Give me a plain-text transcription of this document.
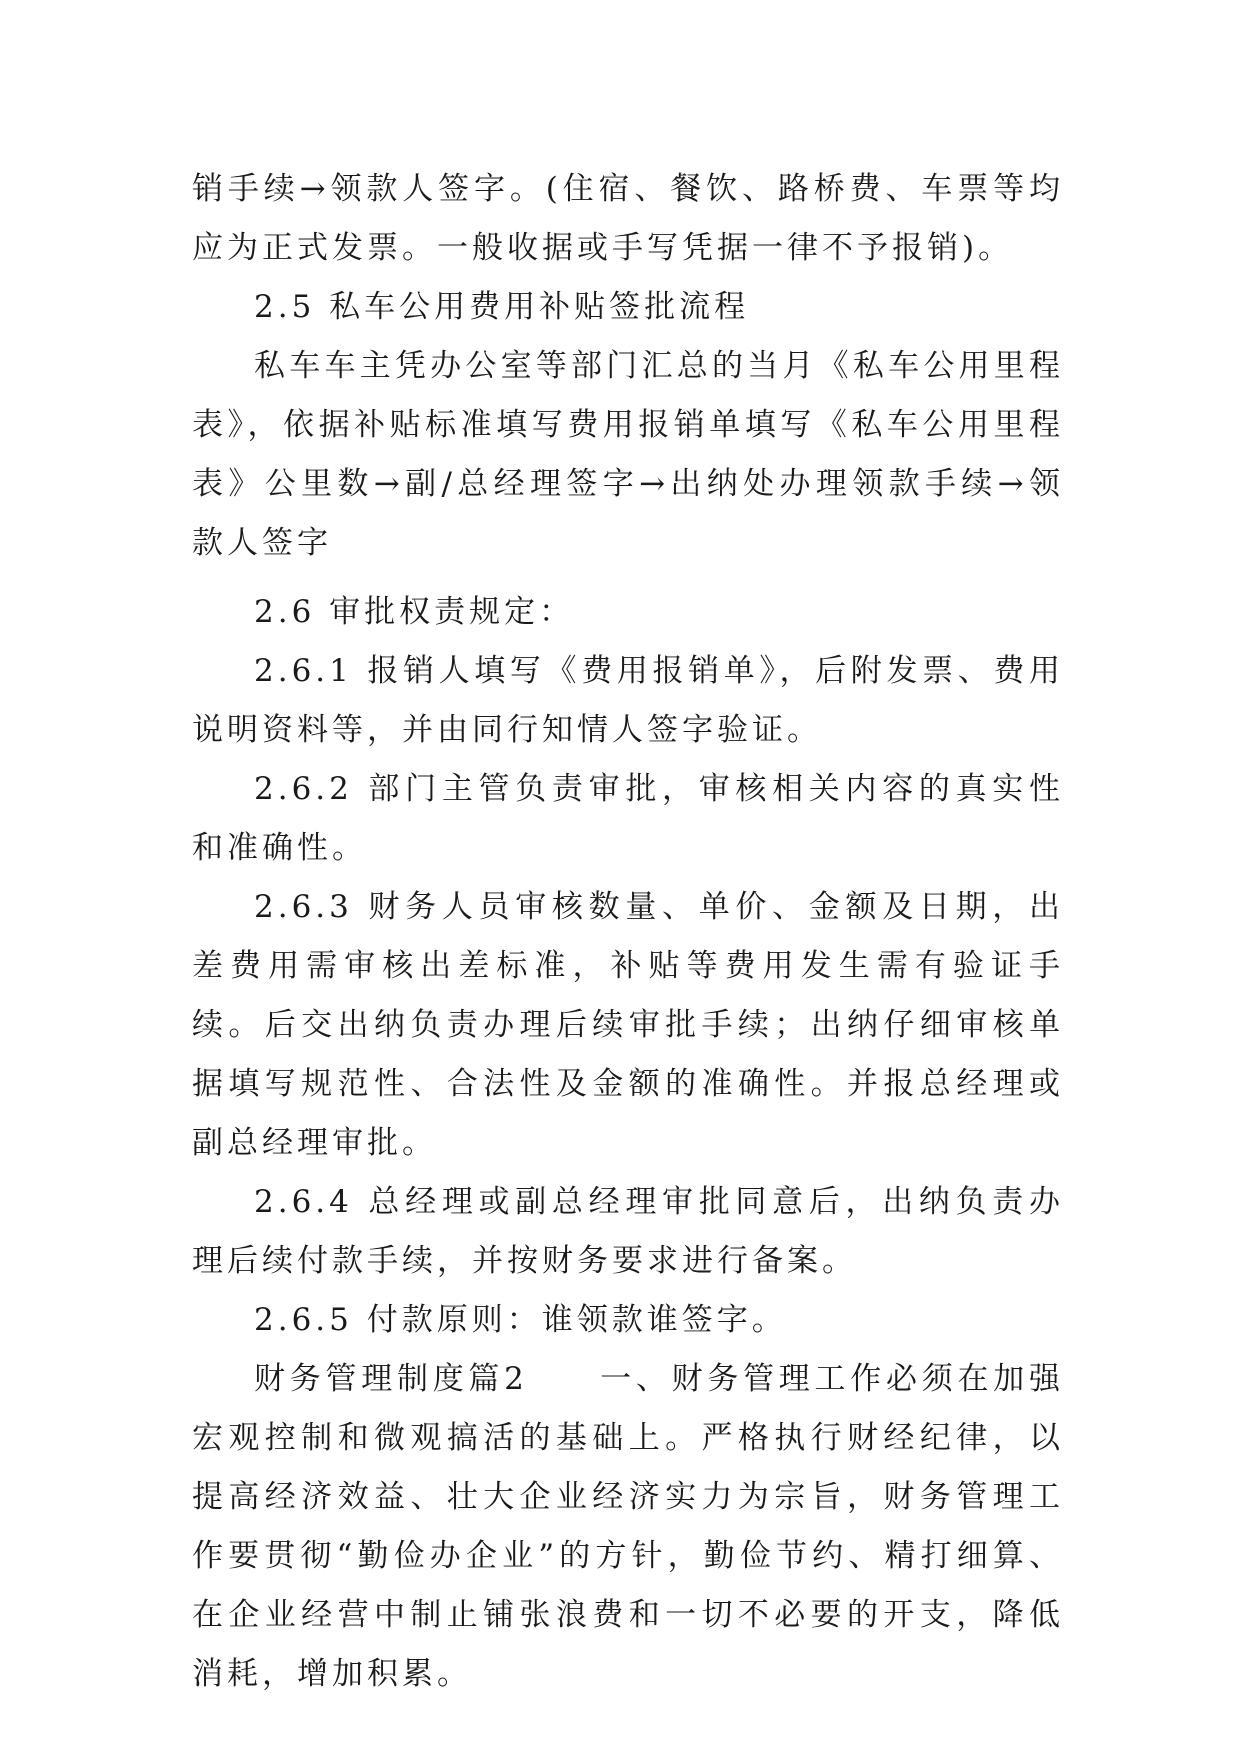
销手续→领款人签字。(住宿、餐饮、路桥费、车票等均应为正式发票。一般收据或手写凭据一律不予报销)。

2.5 私车公用费用补贴签批流程

私车车主凭办公室等部门汇总的当月《私车公用里程表》，依据补贴标准填写费用报销单填写《私车公用里程表》公里数→副/总经理签字→出纳处办理领款手续→领款人签字

2.6 审批权责规定：

2.6.1 报销人填写《费用报销单》，后附发票、费用说明资料等，并由同行知情人签字验证。

2.6.2 部门主管负责审批，审核相关内容的真实性和准确性。

2.6.3 财务人员审核数量、单价、金额及日期，出差费用需审核出差标准，补贴等费用发生需有验证手续。后交出纳负责办理后续审批手续；出纳仔细审核单据填写规范性、合法性及金额的准确性。并报总经理或副总经理审批。

2.6.4 总经理或副总经理审批同意后，出纳负责办理后续付款手续，并按财务要求进行备案。

2.6.5 付款原则：谁领款谁签字。

财务管理制度篇2　　一、财务管理工作必须在加强宏观控制和微观搞活的基础上。严格执行财经纪律，以提高经济效益、壮大企业经济实力为宗旨，财务管理工作要贯彻“勤俭办企业”的方针，勤俭节约、精打细算、在企业经营中制止铺张浪费和一切不必要的开支，降低消耗，增加积累。
